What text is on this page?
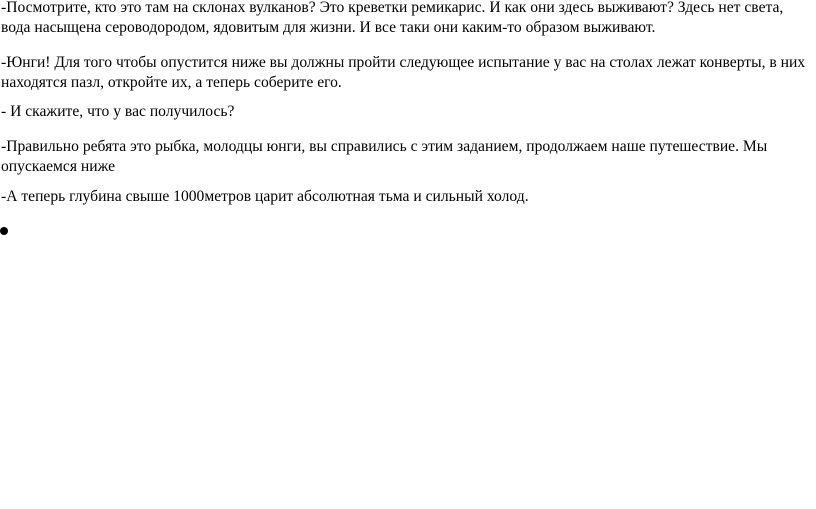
-Посмотрите, кто это там на склонах вулканов? Это креветки ремикарис. И как они здесь выживают? Здесь нет света, вода насыщена сероводородом, ядовитым для жизни. И все таки они каким-то образом выживают.

-Юнги! Для того чтобы опустится ниже вы должны пройти следующее испытание у вас на столах лежат конверты, в них находятся пазл, откройте их, а теперь соберите его.

- И скажите, что у вас получилось?

-Правильно ребята это рыбка, молодцы юнги, вы справились с этим заданием, продолжаем наше путешествие. Мы опускаемся ниже

-А теперь глубина свыше 1000метров царит абсолютная тьма и сильный холод.
